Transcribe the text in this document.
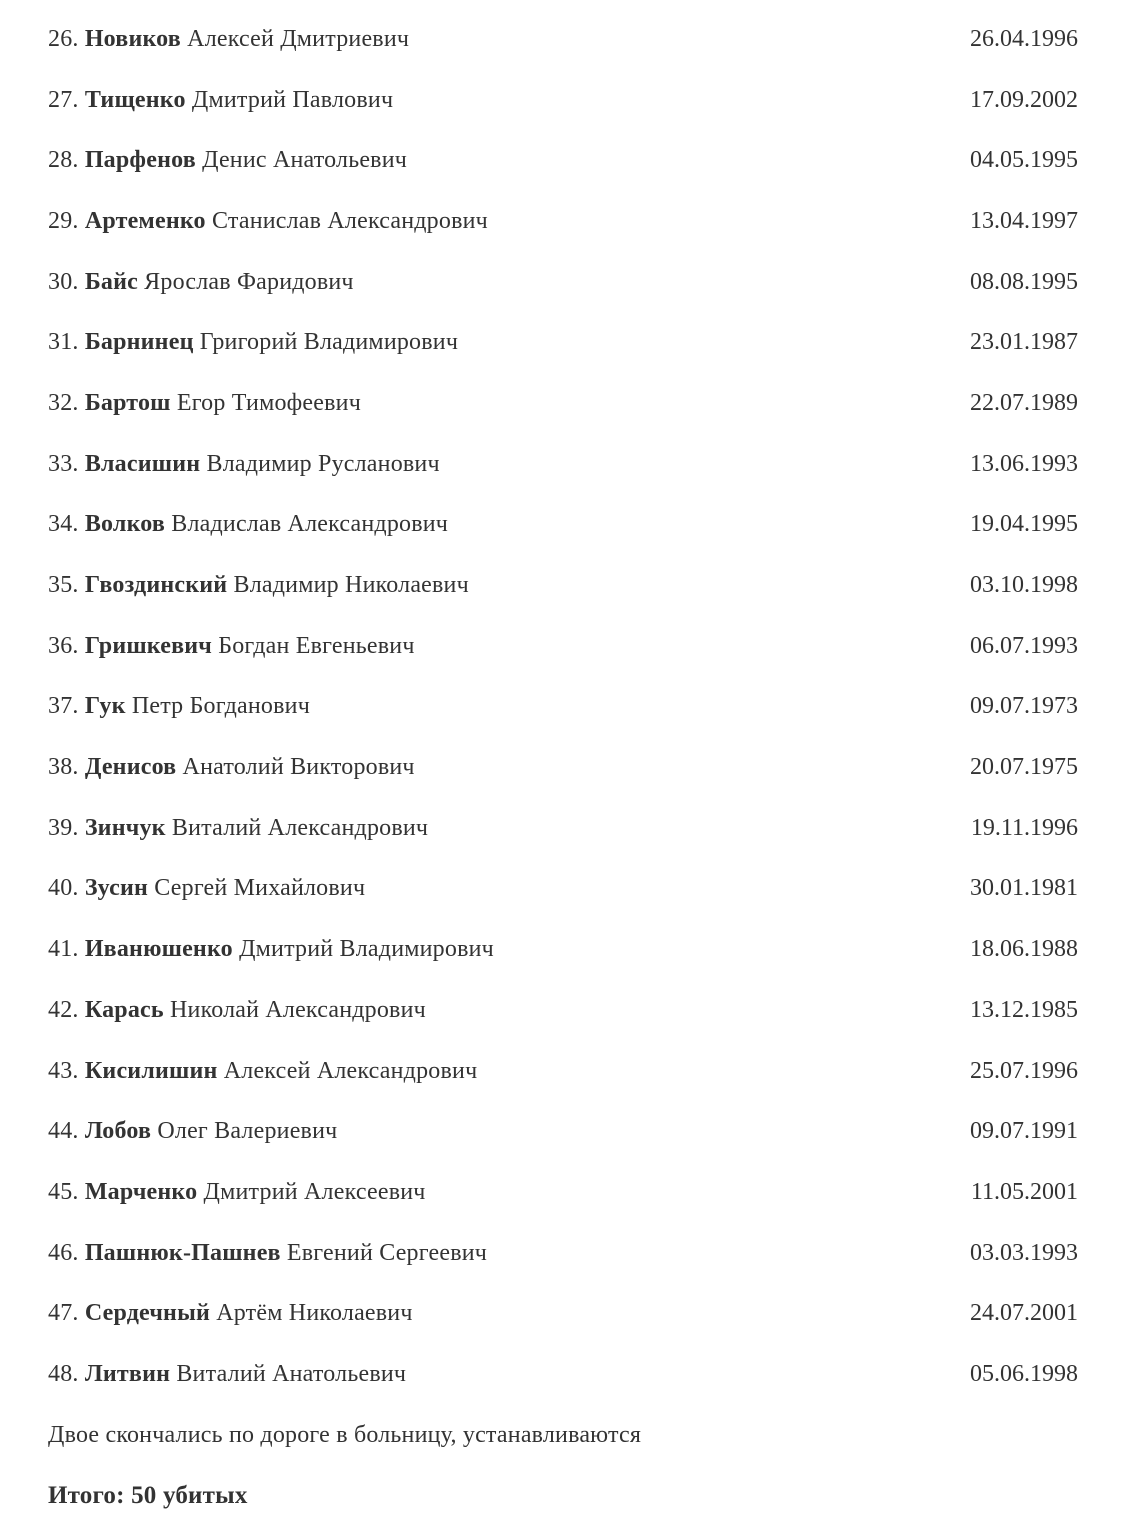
26. Новиков Алексей Дмитриевич	26.04.1996
27. Тищенко Дмитрий Павлович	17.09.2002
28. Парфенов Денис Анатольевич	04.05.1995
29. Артеменко Станислав Александрович	13.04.1997
30. Байс Ярослав Фаридович	08.08.1995
31. Барнинец Григорий Владимирович	23.01.1987
32. Бартош Егор Тимофеевич	22.07.1989
33. Власишин Владимир Русланович	13.06.1993
34. Волков Владислав Александрович	19.04.1995
35. Гвоздинский Владимир Николаевич	03.10.1998
36. Гришкевич Богдан Евгеньевич	06.07.1993
37. Гук Петр Богданович	09.07.1973
38. Денисов Анатолий Викторович	20.07.1975
39. Зинчук Виталий Александрович	19.11.1996
40. Зусин Сергей Михайлович	30.01.1981
41. Иванюшенко Дмитрий Владимирович	18.06.1988
42. Карась Николай Александрович	13.12.1985
43. Кисилишин Алексей Александрович	25.07.1996
44. Лобов Олег Валериевич	09.07.1991
45. Марченко Дмитрий Алексеевич	11.05.2001
46. Пашнюк-Пашнев Евгений Сергеевич	03.03.1993
47. Сердечный Артём Николаевич	24.07.2001
48. Литвин Виталий Анатольевич	05.06.1998
Двое скончались по дороге в больницу, устанавливаются
Итого: 50 убитых
